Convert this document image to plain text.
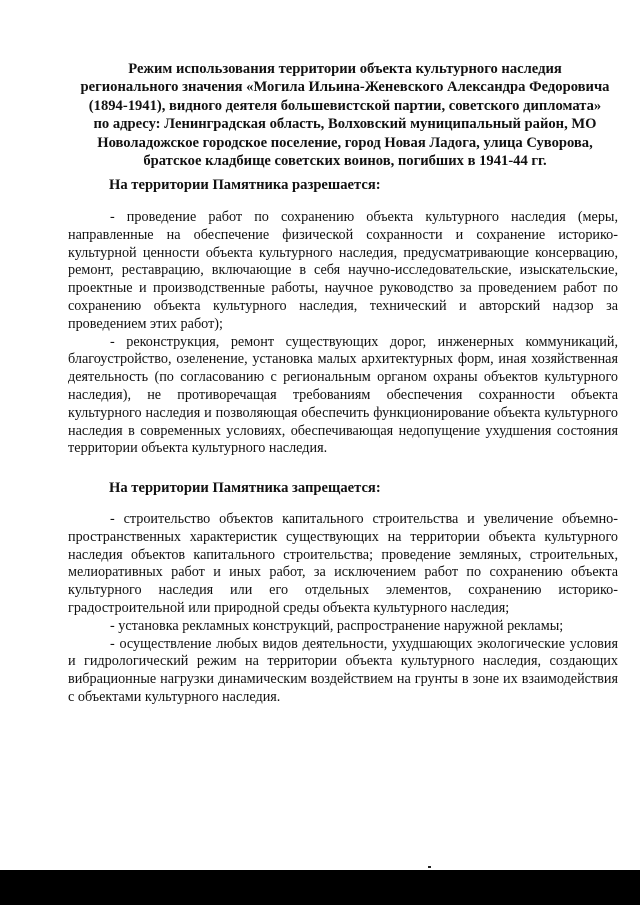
Режим использования территории объекта культурного наследия
регионального значения «Могила Ильина-Женевского Александра Федоровича
(1894-1941), видного деятеля большевистской партии, советского дипломата»
по адресу: Ленинградская область, Волховский муниципальный район, МО
Новоладожское городское поселение, город Новая Ладога, улица Суворова,
братское кладбище советских воинов, погибших в 1941-44 гг.
На территории Памятника разрешается:

- проведение работ по сохранению объекта культурного наследия (меры, направленные на обеспечение физической сохранности и сохранение историко-культурной ценности объекта культурного наследия, предусматривающие консервацию, ремонт, реставрацию, включающие в себя научно-исследовательские, изыскательские, проектные и производственные работы, научное руководство за проведением работ по сохранению объекта культурного наследия, технический и авторский надзор за проведением этих работ);

- реконструкция, ремонт существующих дорог, инженерных коммуникаций, благоустройство, озеленение, установка малых архитектурных форм, иная хозяйственная деятельность (по согласованию с региональным органом охраны объектов культурного наследия), не противоречащая требованиям обеспечения сохранности объекта культурного наследия и позволяющая обеспечить функционирование объекта культурного наследия в современных условиях, обеспечивающая недопущение ухудшения состояния территории объекта культурного наследия.

На территории Памятника запрещается:

- строительство объектов капитального строительства и увеличение объемно-пространственных характеристик существующих на территории объекта культурного наследия объектов капитального строительства; проведение земляных, строительных, мелиоративных работ и иных работ, за исключением работ по сохранению объекта культурного наследия или его отдельных элементов, сохранению историко-градостроительной или природной среды объекта культурного наследия;

- установка рекламных конструкций, распространение наружной рекламы;

- осуществление любых видов деятельности, ухудшающих экологические условия и гидрологический режим на территории объекта культурного наследия, создающих вибрационные нагрузки динамическим воздействием на грунты в зоне их взаимодействия с объектами культурного наследия.
